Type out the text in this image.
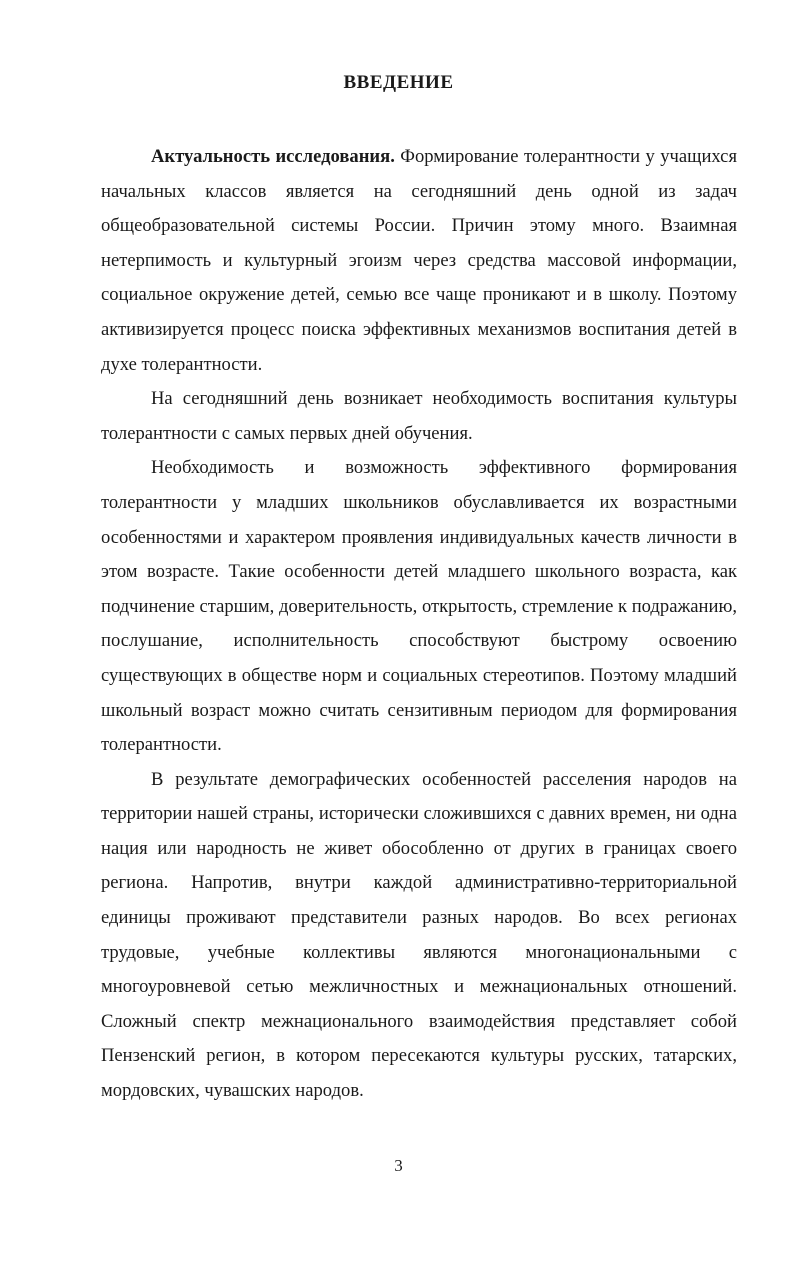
ВВЕДЕНИЕ

Актуальность исследования. Формирование толерантности у учащихся начальных классов является на сегодняшний день одной из задач общеобразовательной системы России. Причин этому много. Взаимная нетерпимость и культурный эгоизм через средства массовой информации, социальное окружение детей, семью все чаще проникают и в школу. Поэтому активизируется процесс поиска эффективных механизмов воспитания детей в духе толерантности.

На сегодняшний день возникает необходимость воспитания культуры толерантности с самых первых дней обучения.

Необходимость и возможность эффективного формирования толерантности у младших школьников обуславливается их возрастными особенностями и характером проявления индивидуальных качеств личности в этом возрасте. Такие особенности детей младшего школьного возраста, как подчинение старшим, доверительность, открытость, стремление к подражанию, послушание, исполнительность способствуют быстрому освоению существующих в обществе норм и социальных стереотипов. Поэтому младший школьный возраст можно считать сензитивным периодом для формирования толерантности.

В результате демографических особенностей расселения народов на территории нашей страны, исторически сложившихся с давних времен, ни одна нация или народность не живет обособленно от других в границах своего региона. Напротив, внутри каждой административно-территориальной единицы проживают представители разных народов. Во всех регионах трудовые, учебные коллективы являются многонациональными с многоуровневой сетью межличностных и межнациональных отношений. Сложный спектр межнационального взаимодействия представляет собой Пензенский регион, в котором пересекаются культуры русских, татарских, мордовских, чувашских народов.

3
